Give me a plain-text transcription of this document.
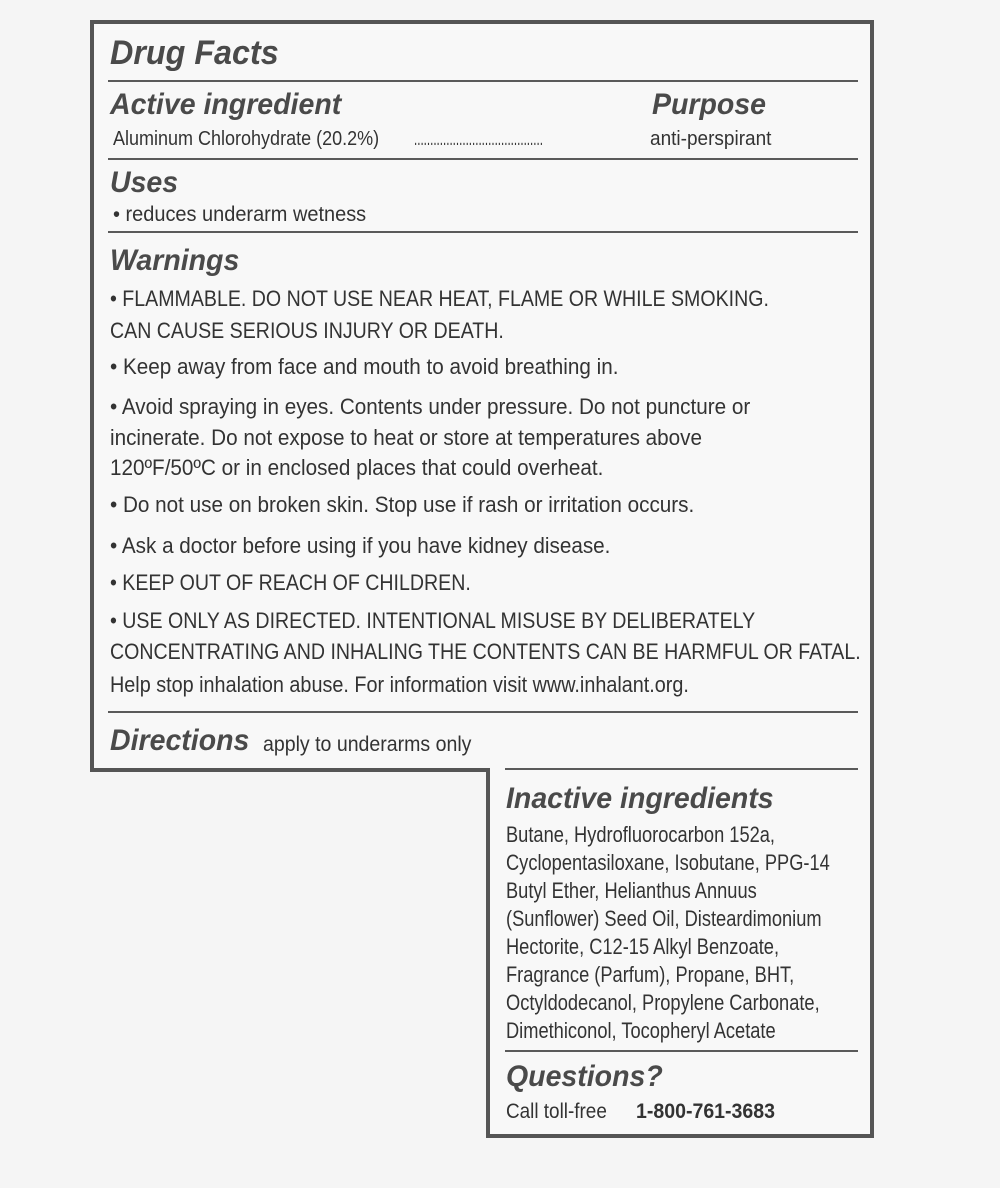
Drug Facts
Active ingredient	Purpose
Aluminum Chlorohydrate (20.2%) ........................................	anti-perspirant
Uses
• reduces underarm wetness
Warnings
• FLAMMABLE. DO NOT USE NEAR HEAT, FLAME OR WHILE SMOKING.
CAN CAUSE SERIOUS INJURY OR DEATH.
• Keep away from face and mouth to avoid breathing in.
• Avoid spraying in eyes. Contents under pressure. Do not puncture or
incinerate. Do not expose to heat or store at temperatures above
120ºF/50ºC or in enclosed places that could overheat.
• Do not use on broken skin. Stop use if rash or irritation occurs.
• Ask a doctor before using if you have kidney disease.
• KEEP OUT OF REACH OF CHILDREN.
• USE ONLY AS DIRECTED. INTENTIONAL MISUSE BY DELIBERATELY
CONCENTRATING AND INHALING THE CONTENTS CAN BE HARMFUL OR FATAL.
Help stop inhalation abuse. For information visit www.inhalant.org.
Directions apply to underarms only
Inactive ingredients
Butane, Hydrofluorocarbon 152a,
Cyclopentasiloxane, Isobutane, PPG-14
Butyl Ether, Helianthus Annuus
(Sunflower) Seed Oil, Disteardimonium
Hectorite, C12-15 Alkyl Benzoate,
Fragrance (Parfum), Propane, BHT,
Octyldodecanol, Propylene Carbonate,
Dimethiconol, Tocopheryl Acetate
Questions?
Call toll-free 1-800-761-3683
